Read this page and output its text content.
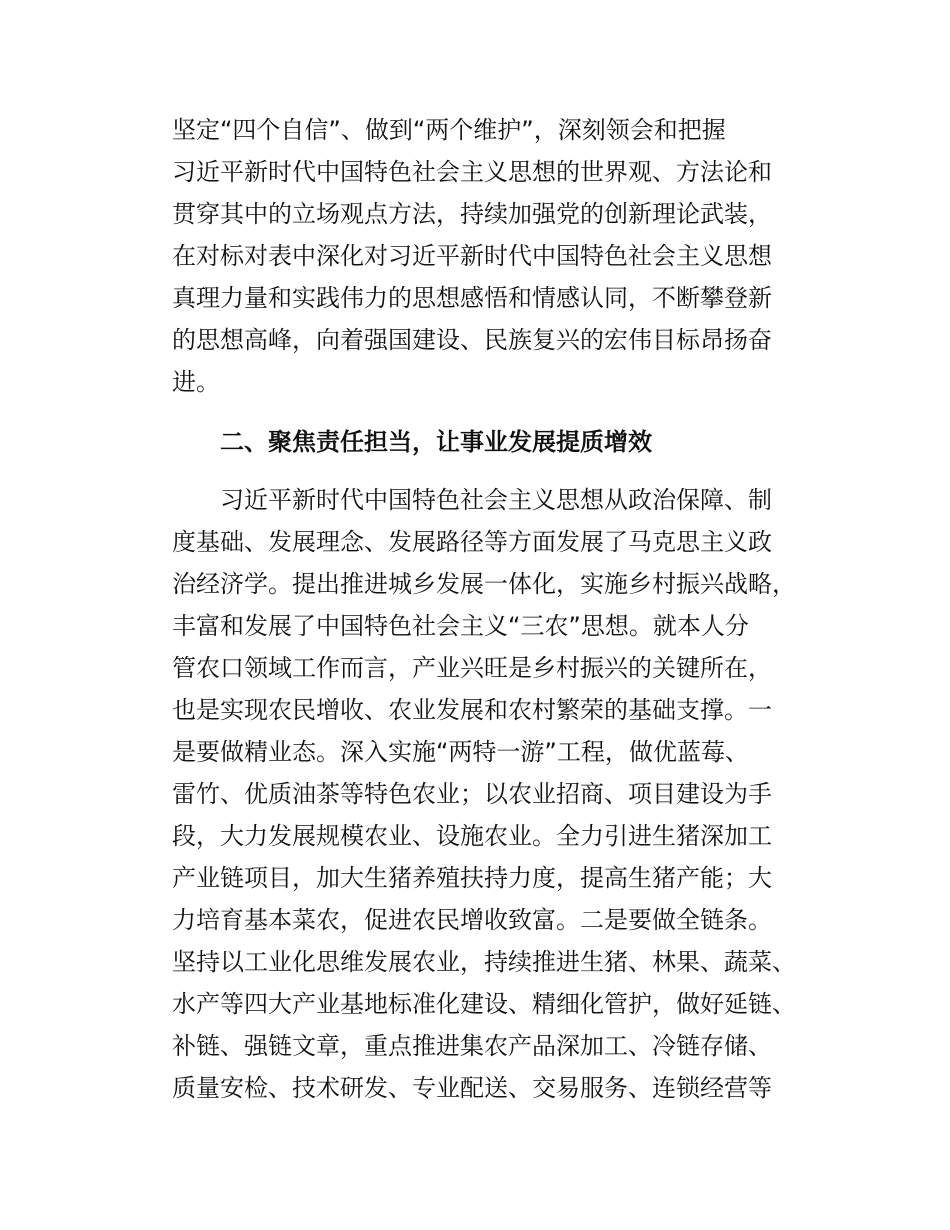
坚定“四个自信”、做到“两个维护”，深刻领会和把握
习近平新时代中国特色社会主义思想的世界观、方法论和
贯穿其中的立场观点方法，持续加强党的创新理论武装，
在对标对表中深化对习近平新时代中国特色社会主义思想
真理力量和实践伟力的思想感悟和情感认同，不断攀登新
的思想高峰，向着强国建设、民族复兴的宏伟目标昂扬奋
进。
二、聚焦责任担当，让事业发展提质增效
习近平新时代中国特色社会主义思想从政治保障、制
度基础、发展理念、发展路径等方面发展了马克思主义政
治经济学。提出推进城乡发展一体化，实施乡村振兴战略，
丰富和发展了中国特色社会主义“三农”思想。就本人分
管农口领域工作而言，产业兴旺是乡村振兴的关键所在，
也是实现农民增收、农业发展和农村繁荣的基础支撑。一
是要做精业态。深入实施“两特一游”工程，做优蓝莓、
雷竹、优质油茶等特色农业；以农业招商、项目建设为手
段，大力发展规模农业、设施农业。全力引进生猪深加工
产业链项目，加大生猪养殖扶持力度，提高生猪产能；大
力培育基本菜农，促进农民增收致富。二是要做全链条。
坚持以工业化思维发展农业，持续推进生猪、林果、蔬菜、
水产等四大产业基地标准化建设、精细化管护，做好延链、
补链、强链文章，重点推进集农产品深加工、冷链存储、
质量安检、技术研发、专业配送、交易服务、连锁经营等
